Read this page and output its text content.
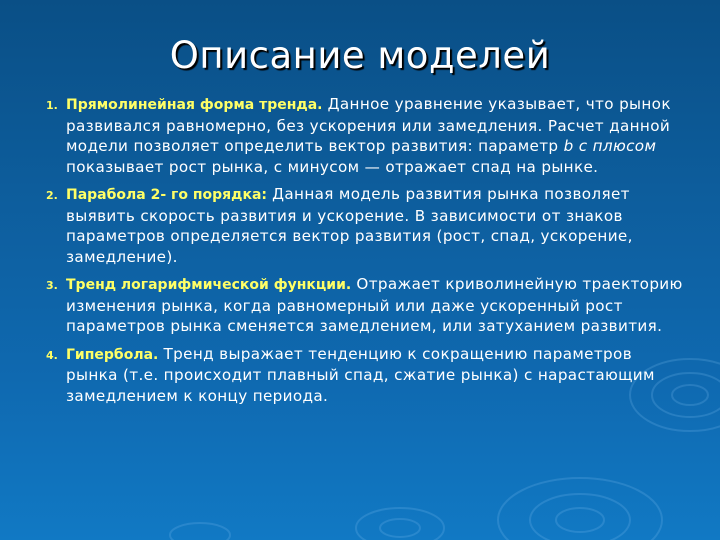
Описание моделей
1. Прямолинейная форма тренда. Данное уравнение указывает, что рынок развивался равномерно, без ускорения или замедления. Расчет данной модели позволяет определить вектор развития: параметр b с плюсом показывает рост рынка, с минусом — отражает спад на рынке.

2. Парабола 2- го порядка: Данная модель развития рынка позволяет выявить скорость развития и ускорение. В зависимости от знаков параметров определяется вектор развития (рост, спад, ускорение, замедление).

3. Тренд логарифмической функции. Отражает криволинейную траекторию изменения рынка, когда равномерный или даже ускоренный рост параметров рынка сменяется замедлением, или затуханием развития.

4. Гипербола. Тренд выражает тенденцию к сокращению параметров рынка (т.е. происходит плавный спад, сжатие рынка) с нарастающим замедлением к концу периода.
